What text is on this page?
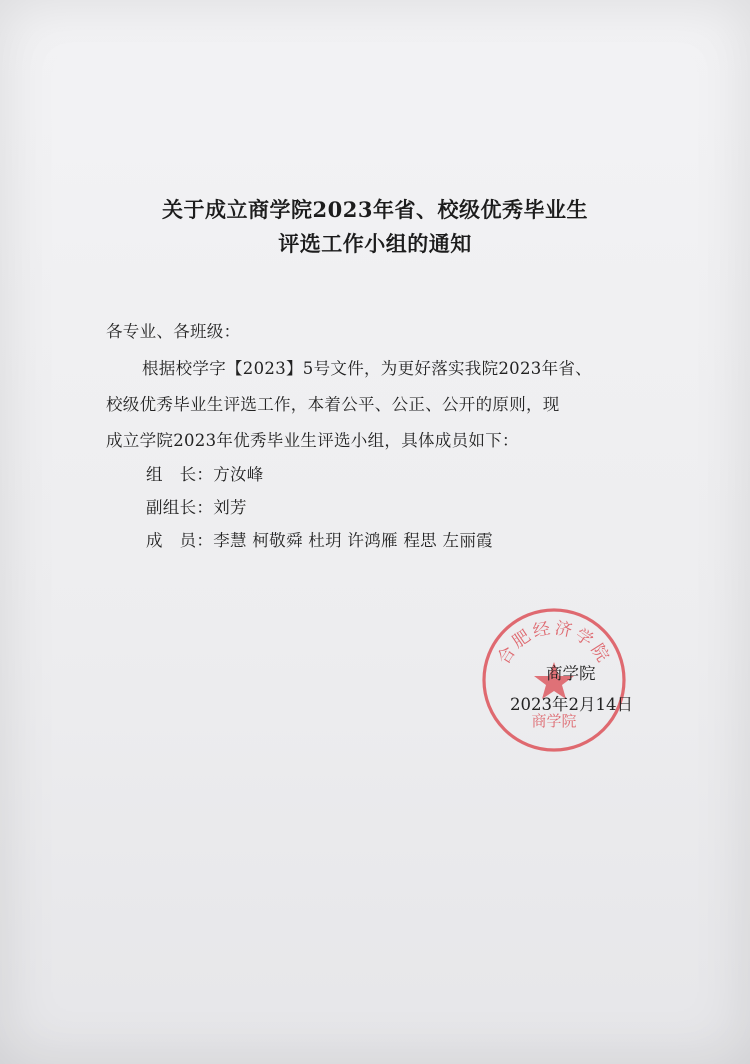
关于成立商学院2023年省、校级优秀毕业生
评选工作小组的通知
各专业、各班级：
根据校学字【2023】5号文件，为更好落实我院2023年省、
校级优秀毕业生评选工作，本着公平、公正、公开的原则，现
成立学院2023年优秀毕业生评选小组，具体成员如下：
组　长：方汝峰
副组长：刘芳
成　员：李慧 柯敬舜 杜玥 许鸿雁 程思 左丽霞
合肥经济学院
商学院
商学院
2023年2月14日
